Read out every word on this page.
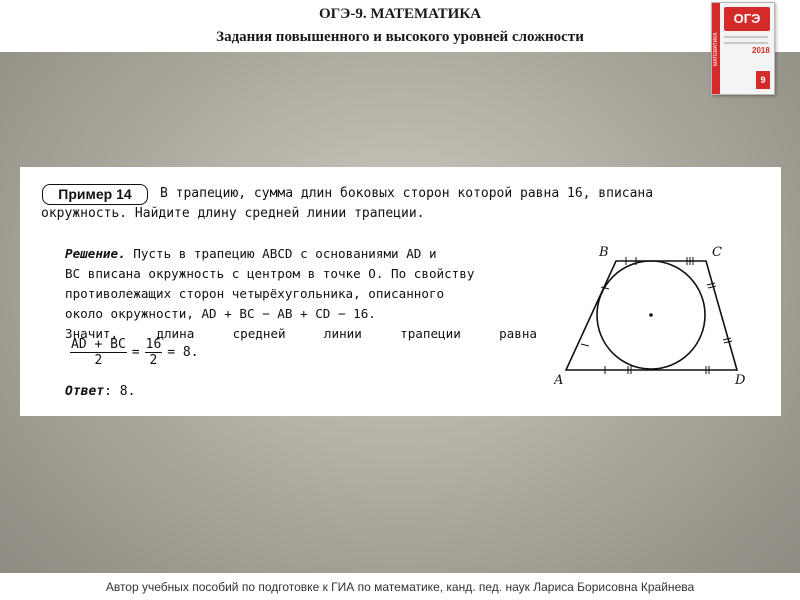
ОГЭ-9. МАТЕМАТИКА
Задания повышенного и высокого уровней сложности	МАТЕМАТИКА
ОГЭ
2018
9
Пример 14	В трапецию, сумма длин боковых сторон которой равна 16, вписана
окружность. Найдите длину средней линии трапеции.
Решение. Пусть в трапецию ABCD с основаниями AD и
BC вписана окружность с центром в точке O. По свойству
противолежащих сторон четырёхугольника, описанного
около окружности, AD + BC − AB + CD − 16.
Значит,	длина	средней	линии	трапеции	равна
$\frac{AD + BC}{2} = \frac{16}{2} = 8$.
Ответ: 8.
B	C
A	D
Автор учебных пособий по подготовке к ГИА по математике, канд. пед. наук Лариса Борисовна Крайнева
